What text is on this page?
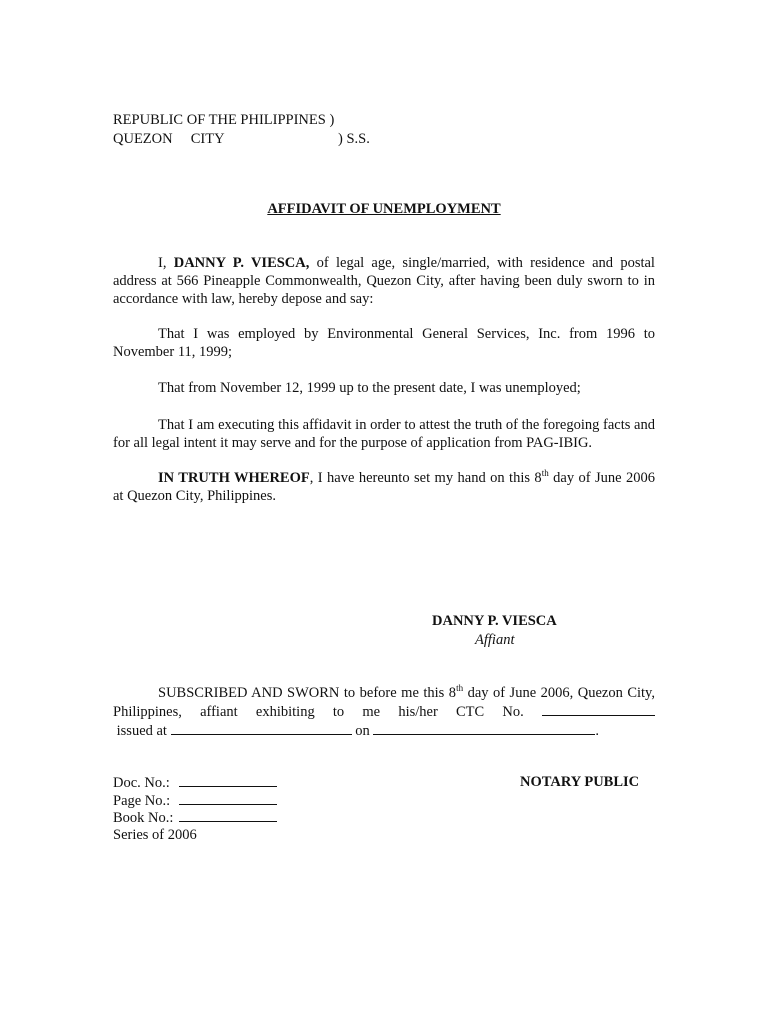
REPUBLIC OF THE PHILIPPINES )
QUEZON     CITY	) S.S.
AFFIDAVIT OF UNEMPLOYMENT

I, DANNY P. VIESCA, of legal age, single/married, with residence and postal address at 566 Pineapple Commonwealth, Quezon City, after having been duly sworn to in accordance with law, hereby depose and say:

That I was employed by Environmental General Services, Inc. from 1996 to November 11, 1999;

That from November 12, 1999 up to the present date, I was unemployed;

That I am executing this affidavit in order to attest the truth of the foregoing facts and for all legal intent it may serve and for the purpose of application from PAG-IBIG.

IN TRUTH WHEREOF, I have hereunto set my hand on this 8th day of June 2006 at Quezon City, Philippines.

DANNY P. VIESCA
Affiant

SUBSCRIBED AND SWORN to before me this 8th day of June 2006, Quezon City, Philippines, affiant exhibiting to me his/her CTC No.  issued at	on	.

Doc. No.:
Page No.:
Book No.:
Series of 2006
NOTARY PUBLIC
